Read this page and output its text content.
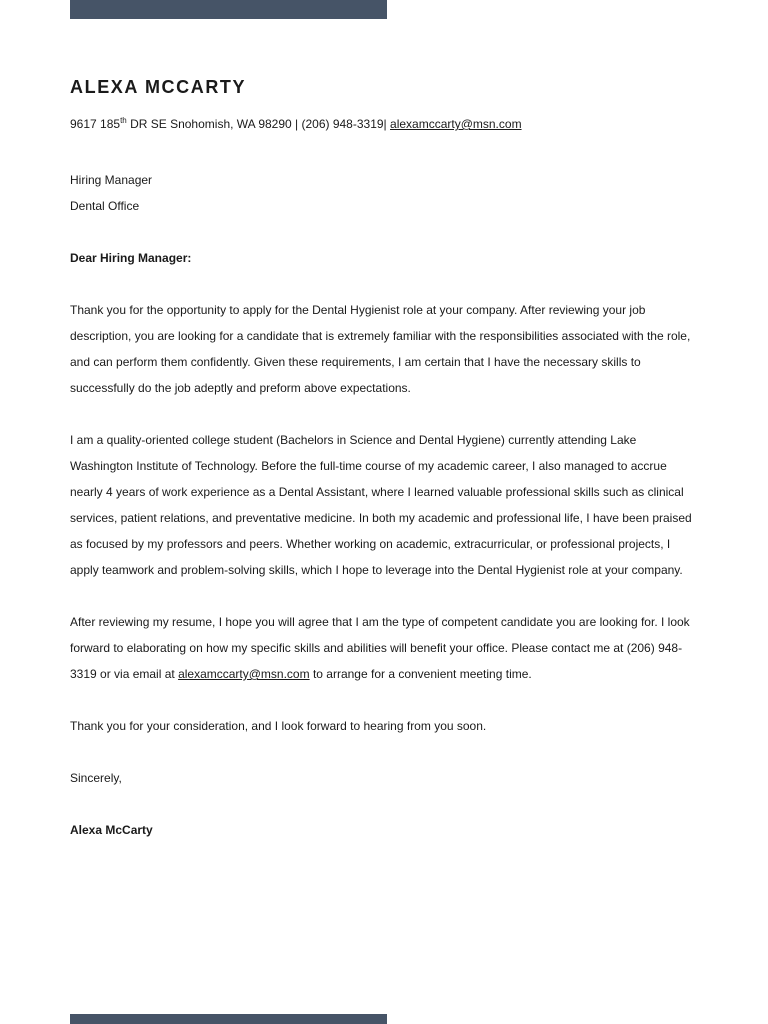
ALEXA MCCARTY
9617 185th DR SE Snohomish, WA 98290 | (206) 948-3319| alexamccarty@msn.com
Hiring Manager
Dental Office
Dear Hiring Manager:

Thank you for the opportunity to apply for the Dental Hygienist role at your company. After reviewing your job description, you are looking for a candidate that is extremely familiar with the responsibilities associated with the role, and can perform them confidently. Given these requirements, I am certain that I have the necessary skills to successfully do the job adeptly and preform above expectations.

I am a quality-oriented college student (Bachelors in Science and Dental Hygiene) currently attending Lake Washington Institute of Technology. Before the full-time course of my academic career, I also managed to accrue nearly 4 years of work experience as a Dental Assistant, where I learned valuable professional skills such as clinical services, patient relations, and preventative medicine. In both my academic and professional life, I have been praised as focused by my professors and peers. Whether working on academic, extracurricular, or professional projects, I apply teamwork and problem-solving skills, which I hope to leverage into the Dental Hygienist role at your company.

After reviewing my resume, I hope you will agree that I am the type of competent candidate you are looking for. I look forward to elaborating on how my specific skills and abilities will benefit your office. Please contact me at (206) 948-3319 or via email at alexamccarty@msn.com to arrange for a convenient meeting time.

Thank you for your consideration, and I look forward to hearing from you soon.

Sincerely,
Alexa McCarty
